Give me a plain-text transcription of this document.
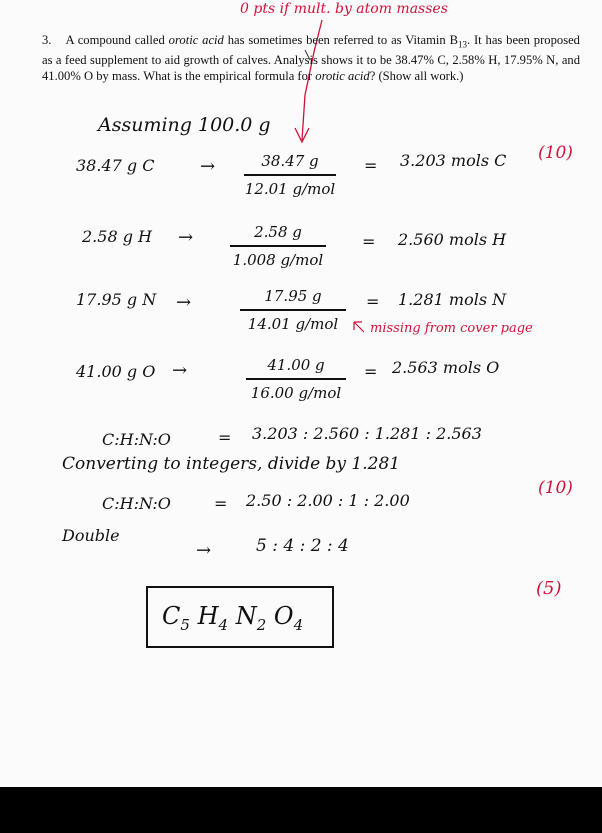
0 pts if mult. by atom masses
3. A compound called orotic acid has sometimes been referred to as Vitamin $B_{13}$. It has been proposed as a feed supplement to aid growth of calves. Analysis shows it to be 38.47% C, 2.58% H, 17.95% N, and 41.00% O by mass. What is the empirical formula for orotic acid? (Show all work.)
Assuming 100.0 g
38.47 g C	→	38.47 g
12.01 g/mol
= 3.203 mols C (10)
2.58 g H →	2.58 g
1.008 g/mol
= 2.560 mols H
17.95 g N →	17.95 g
14.01 g/mol
= 1.281 mols N
missing from cover page
41.00 g O →	41.00 g
16.00 g/mol
= 2.563 mols O
C:H:N:O	= 3.203 : 2.560 : 1.281 : 2.563
Converting to integers, divide by 1.281
C:H:N:O	= 2.50 : 2.00 : 1 : 2.00
(10)
Double
→	5 : 4 : 2 : 4
$C_5$ $H_4$ $N_2$ $O_4$
(5)
